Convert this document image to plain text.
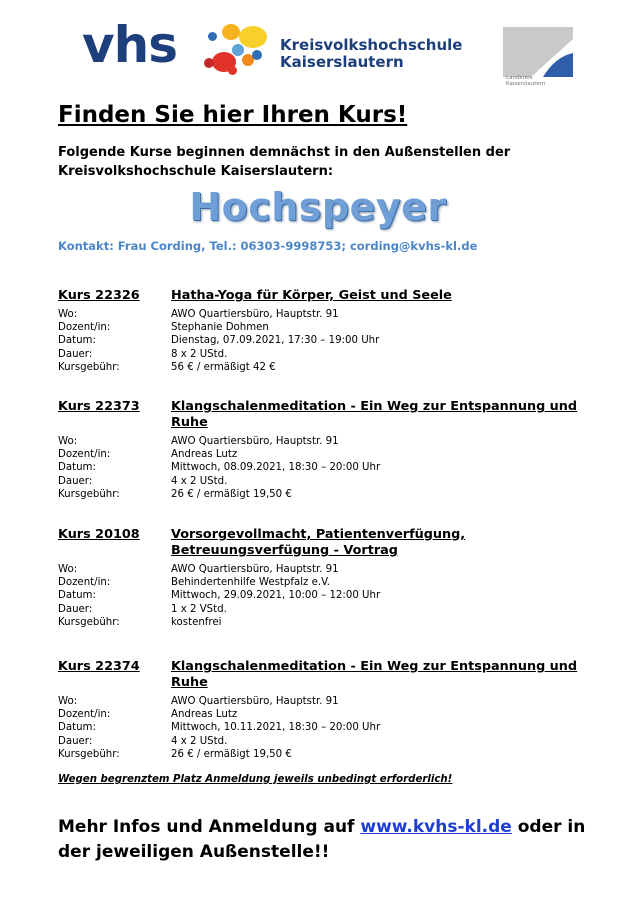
vhs	Kreisvolkshochschule
Kaiserslautern
Landkreis
Kaiserslautern
Finden Sie hier Ihren Kurs!
Folgende Kurse beginnen demnächst in den Außenstellen der Kreisvolkshochschule Kaiserslautern:
Hochspeyer
Kontakt: Frau Cording, Tel.: 06303-9998753; cording@kvhs-kl.de
Kurs 22326 Hatha-Yoga für Körper, Geist und Seele
Wo:	AWO Quartiersbüro, Hauptstr. 91
Dozent/in:	Stephanie Dohmen
Datum:	Dienstag, 07.09.2021, 17:30 – 19:00 Uhr
Dauer:	8 x 2 UStd.
Kursgebühr:	56 € / ermäßigt 42 €
Kurs 22373 Klangschalenmeditation - Ein Weg zur Entspannung und Ruhe
Wo:	AWO Quartiersbüro, Hauptstr. 91
Dozent/in:	Andreas Lutz
Datum:	Mittwoch, 08.09.2021, 18:30 – 20:00 Uhr
Dauer:	4 x 2 UStd.
Kursgebühr:	26 € / ermäßigt 19,50 €
Kurs 20108 Vorsorgevollmacht, Patientenverfügung, Betreuungsverfügung - Vortrag
Wo:	AWO Quartiersbüro, Hauptstr. 91
Dozent/in:	Behindertenhilfe Westpfalz e.V.
Datum:	Mittwoch, 29.09.2021, 10:00 – 12:00 Uhr
Dauer:	1 x 2 VStd.
Kursgebühr:	kostenfrei
Kurs 22374 Klangschalenmeditation - Ein Weg zur Entspannung und Ruhe
Wo:	AWO Quartiersbüro, Hauptstr. 91
Dozent/in:	Andreas Lutz
Datum:	Mittwoch, 10.11.2021, 18:30 – 20:00 Uhr
Dauer:	4 x 2 UStd.
Kursgebühr:	26 € / ermäßigt 19,50 €
Wegen begrenztem Platz Anmeldung jeweils unbedingt erforderlich!
Mehr Infos und Anmeldung auf www.kvhs-kl.de oder in der jeweiligen Außenstelle!!
